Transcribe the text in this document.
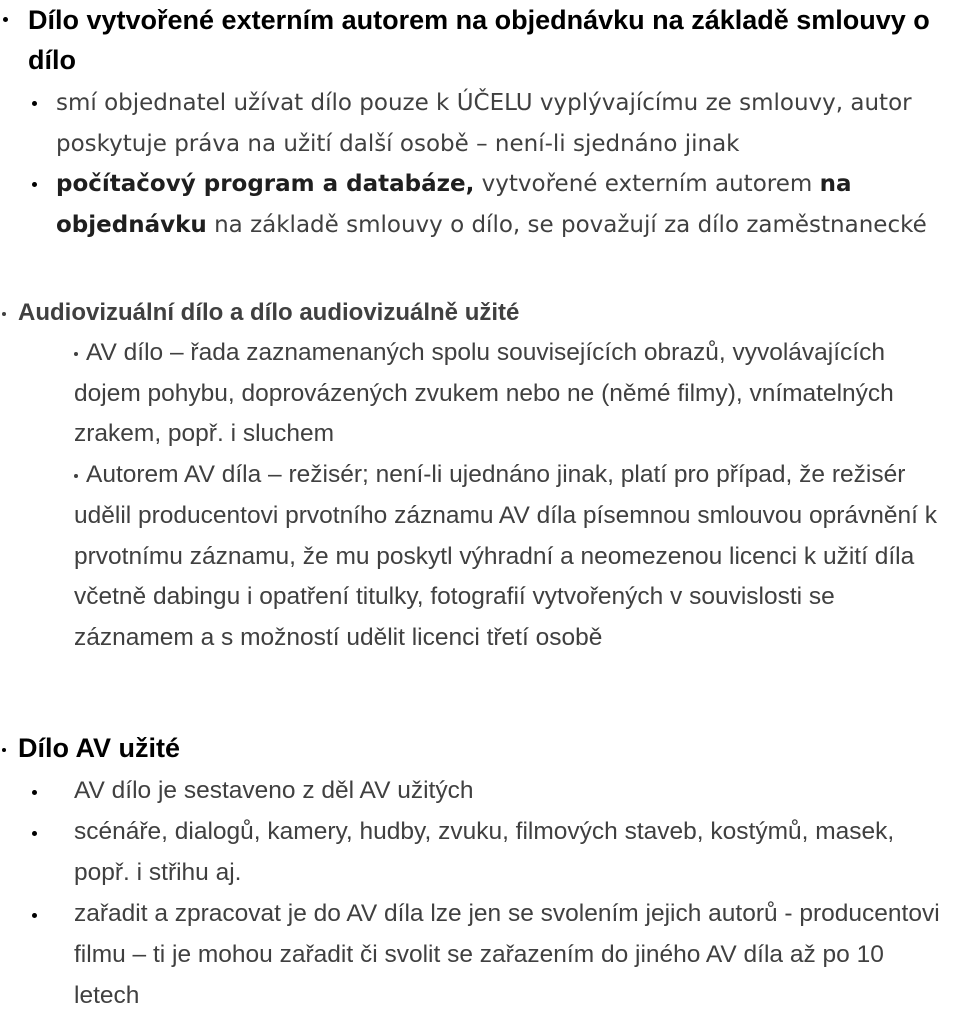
Dílo vytvořené externím autorem na objednávku na základě smlouvy o dílo
smí objednatel užívat dílo pouze k ÚČELU vyplývajícímu ze smlouvy, autor poskytuje práva na užití další osobě – není-li sjednáno jinak
počítačový program a databáze, vytvořené externím autorem na objednávku na základě smlouvy o dílo, se považují za dílo zaměstnanecké
Audiovizuální dílo a dílo audiovizuálně užité
AV dílo – řada zaznamenaných spolu souvisejících obrazů, vyvolávajících dojem pohybu, doprovázených zvukem nebo ne (němé filmy), vnímatelných zrakem, popř. i sluchem
Autorem AV díla – režisér; není-li ujednáno jinak, platí pro případ, že režisér udělil producentovi prvotního záznamu AV díla písemnou smlouvou oprávnění k prvotnímu záznamu, že mu poskytl výhradní a neomezenou licenci k užití díla včetně dabingu i opatření titulky, fotografií vytvořených v souvislosti se záznamem a s možností udělit licenci třetí osobě
Dílo AV užité
AV dílo je sestaveno z děl AV užitých
scénáře, dialogů, kamery, hudby, zvuku, filmových staveb, kostýmů, masek, popř. i střihu aj.
zařadit a zpracovat je do AV díla lze jen se svolením jejich autorů - producentovi filmu – ti je mohou zařadit či svolit se zařazením do jiného AV díla až po 10 letech
